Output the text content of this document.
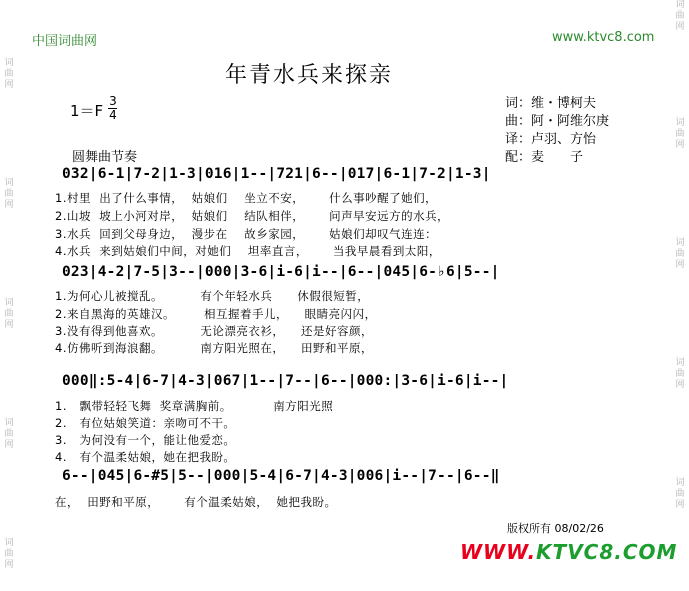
词曲网
词曲网
词曲网
词曲网
词曲网
词曲网
词曲网
词曲网
词曲网
词曲网
中国词曲网	www.ktvc8.com
年青水兵来探亲
1＝F
3
4
词：维・博柯夫
曲：阿・阿维尔庚
译：卢羽、方怡
配：麦　　子
圆舞曲节奏
032|6-1|7-2|1-3|016|1--|721|6--|017|6-1|7-2|1-3|
1.村里  出了什么事情，  姑娘们    坐立不安，      什么事吵醒了她们，
2.山坡  坡上小河对岸，  姑娘们    结队相伴，      问声早安远方的水兵，
3.水兵  回到父母身边，  漫步在    故乡家园，      姑娘们却叹气连连：
4.水兵  来到姑娘们中间，对她们    坦率直言，      当我早晨看到太阳，
023|4-2|7-5|3--|000|3-6|i-6|i--|6--|045|6-♭6|5--|
1.为何心儿被搅乱。         有个年轻水兵      休假很短暂，
2.来自黑海的英雄汉。       相互握着手儿，    眼睛亮闪闪，
3.没有得到他喜欢。         无论漂亮衣衫，    还是好容颜，
4.仿佛听到海浪翻。         南方阳光照在，    田野和平原，
000‖:5-4|6-7|4-3|067|1--|7--|6--|000:|3-6|i-6|i--|
1.   飘带轻轻飞舞  奖章满胸前。          南方阳光照
2.   有位姑娘笑道：亲吻可不干。
3.   为何没有一个，能让他爱恋。
4.   有个温柔姑娘，她在把我盼。
6--|045|6-#5|5--|000|5-4|6-7|4-3|006|i--|7--|6--‖
在，  田野和平原，      有个温柔姑娘，  她把我盼。
版权所有 08/02/26
WWW.KTVC8.COM
